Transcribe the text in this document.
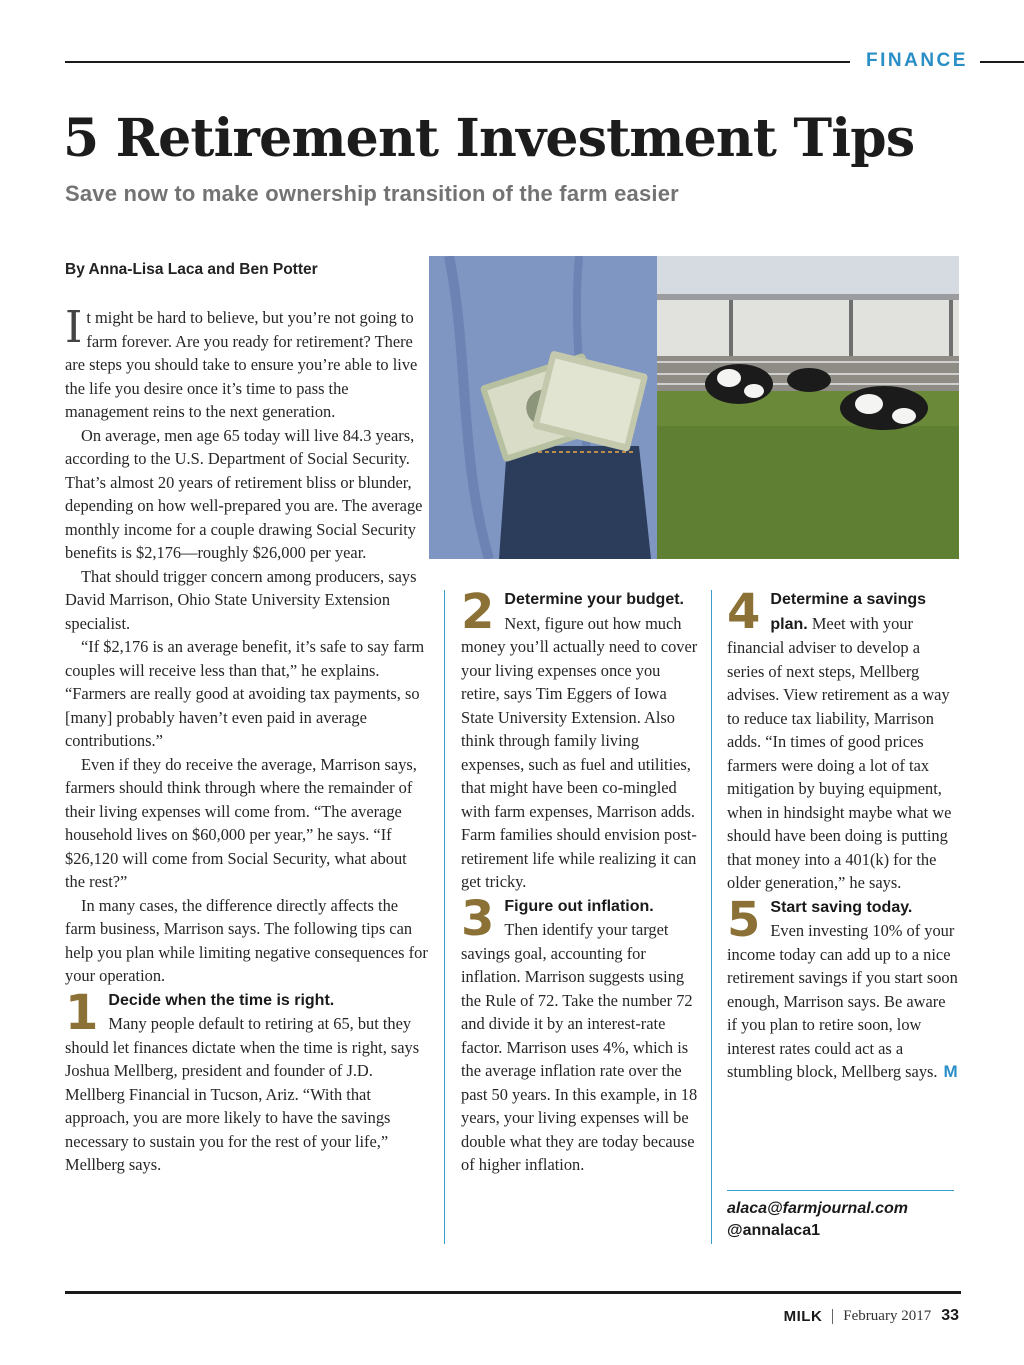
FINANCE
5 Retirement Investment Tips
Save now to make ownership transition of the farm easier
By Anna-Lisa Laca and Ben Potter

It might be hard to believe, but you’re not going to farm forever. Are you ready for retirement? There are steps you should take to ensure you’re able to live the life you desire once it’s time to pass the management reins to the next generation.

On average, men age 65 today will live 84.3 years, according to the U.S. Department of Social Security. That’s almost 20 years of retirement bliss or blunder, depending on how well-prepared you are. The average monthly income for a couple drawing Social Security benefits is $2,176—roughly $26,000 per year.

That should trigger concern among producers, says David Marrison, Ohio State University Extension specialist.

“If $2,176 is an average benefit, it’s safe to say farm couples will receive less than that,” he explains. “Farmers are really good at avoiding tax payments, so [many] probably haven’t even paid in average contributions.”

Even if they do receive the average, Marrison says, farmers should think through where the remainder of their living expenses will come from. “The average household lives on $60,000 per year,” he says. “If $26,120 will come from Social Security, what about the rest?”

In many cases, the difference directly affects the farm business, Marrison says. The following tips can help you plan while limiting negative consequences for your operation.

1 Decide when the time is right.
Many people default to retiring at 65, but they should let finances dictate when the time is right, says Joshua Mellberg, president and founder of J.D. Mellberg Financial in Tucson, Ariz. “With that approach, you are more likely to have the savings necessary to sustain you for the rest of your life,” Mellberg says.

2 Determine your budget.
Next, figure out how much money you’ll actually need to cover your living expenses once you retire, says Tim Eggers of Iowa State University Extension. Also think through family living expenses, such as fuel and utilities, that might have been co-mingled with farm expenses, Marrison adds. Farm families should envision post-retirement life while realizing it can get tricky.

3 Figure out inflation.
Then identify your target savings goal, accounting for inflation. Marrison suggests using the Rule of 72. Take the number 72 and divide it by an interest-rate factor. Marrison uses 4%, which is the average inflation rate over the past 50 years. In this example, in 18 years, your living expenses will be double what they are today because of higher inflation.

4 Determine a savings plan. Meet with your financial adviser to develop a series of next steps, Mellberg advises. View retirement as a way to reduce tax liability, Marrison adds. “In times of good prices farmers were doing a lot of tax mitigation by buying equipment, when in hindsight maybe what we should have been doing is putting that money into a 401(k) for the older generation,” he says.

5 Start saving today.
Even investing 10% of your income today can add up to a nice retirement savings if you start soon enough, Marrison says. Be aware if you plan to retire soon, low interest rates could act as a stumbling block, Mellberg says. M

alaca@farmjournal.com
@annalaca1
MILK February 2017 33
